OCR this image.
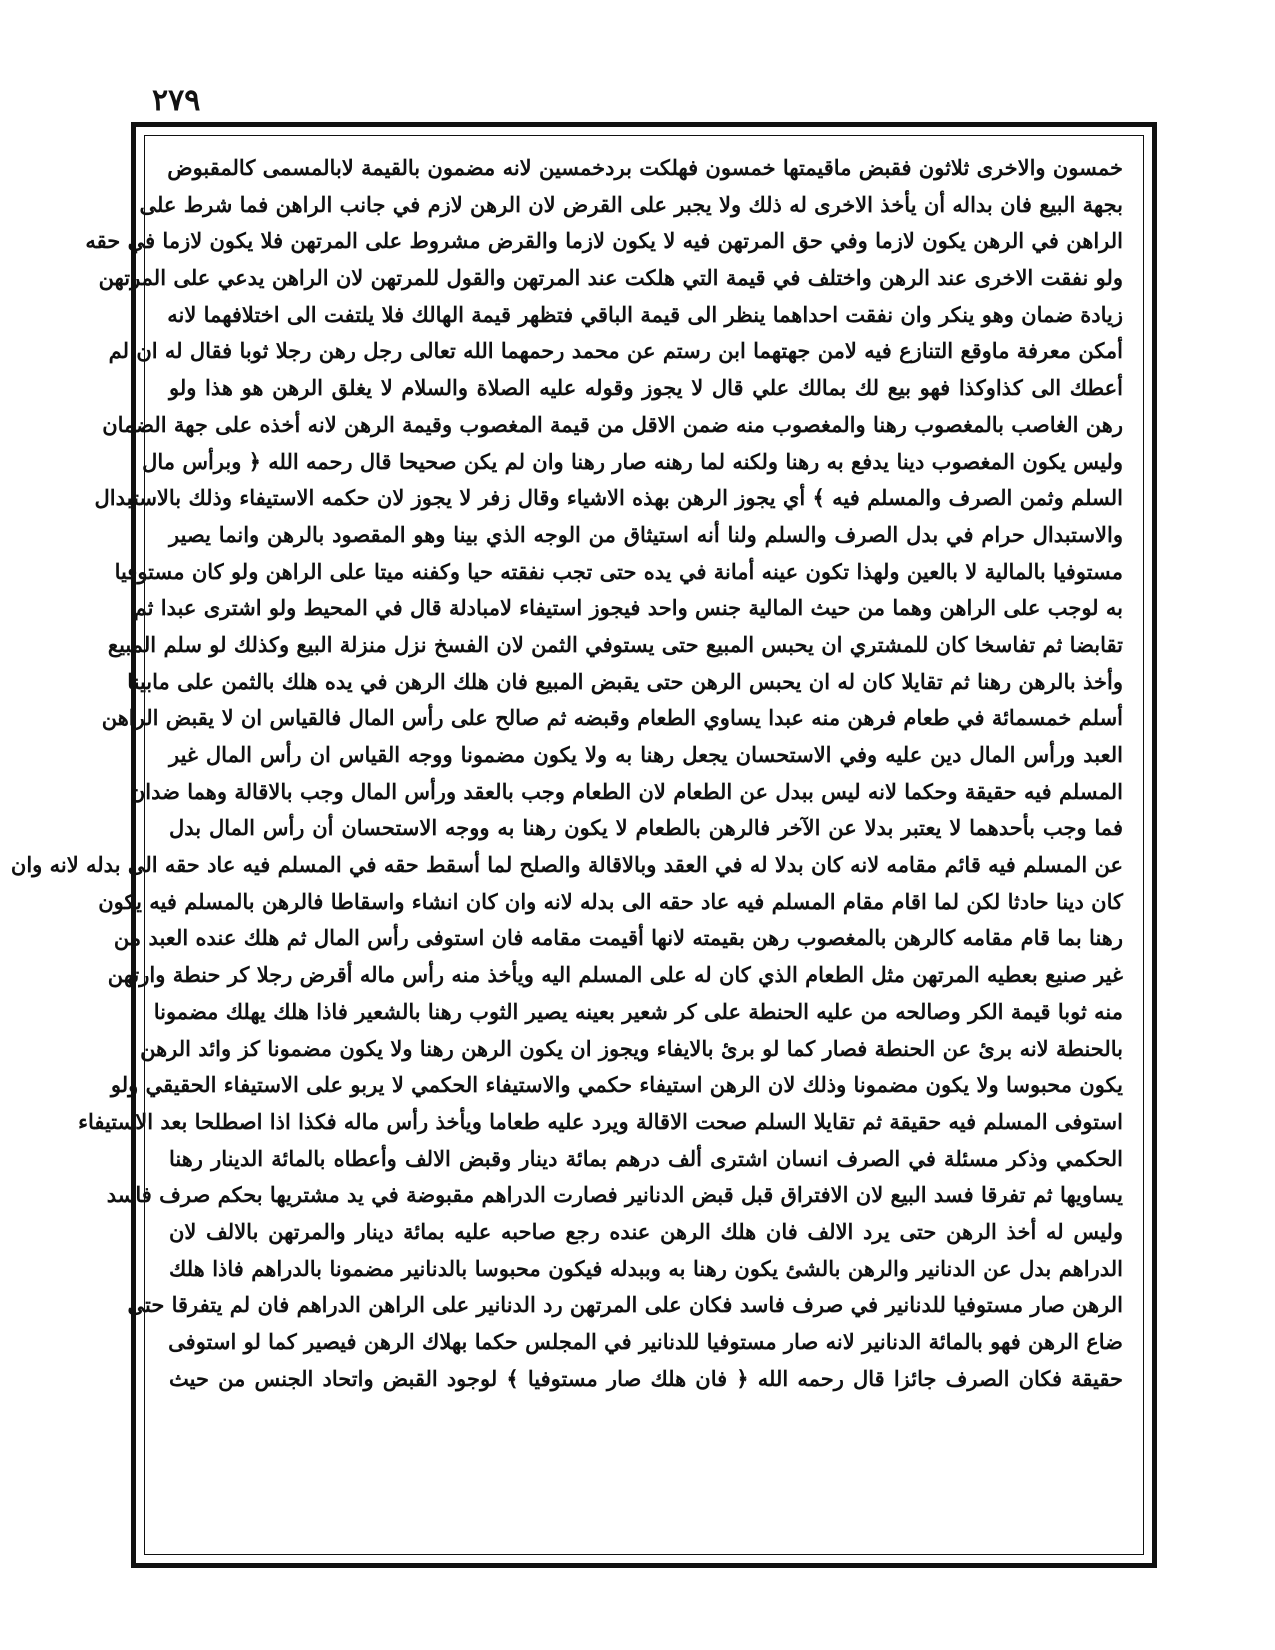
٢٧٩
خمسون والاخرى ثلاثون فقبض ماقيمتها خمسون فهلكت بردخمسين لانه مضمون بالقيمة لابالمسمى كالمقبوض
بجهة البيع فان بداله أن يأخذ الاخرى له ذلك ولا يجبر على القرض لان الرهن لازم في جانب الراهن فما شرط على
الراهن في الرهن يكون لازما وفي حق المرتهن فيه لا يكون لازما والقرض مشروط على المرتهن فلا يكون لازما في حقه
ولو نفقت الاخرى عند الرهن واختلف في قيمة التي هلكت عند المرتهن والقول للمرتهن لان الراهن يدعي على المرتهن
زيادة ضمان وهو ينكر وان نفقت احداهما ينظر الى قيمة الباقي فتظهر قيمة الهالك فلا يلتفت الى اختلافهما لانه
أمكن معرفة ماوقع التنازع فيه لامن جهتهما ابن رستم عن محمد رحمهما الله تعالى رجل رهن رجلا ثوبا فقال له ان لم
أعطك الى كذاوكذا فهو بيع لك بمالك علي قال لا يجوز وقوله عليه الصلاة والسلام لا يغلق الرهن هو هذا ولو
رهن الغاصب بالمغصوب رهنا والمغصوب منه ضمن الاقل من قيمة المغصوب وقيمة الرهن لانه أخذه على جهة الضمان
وليس يكون المغصوب دينا يدفع به رهنا ولكنه لما رهنه صار رهنا وان لم يكن صحيحا قال رحمه الله ﴿ وبرأس مال
السلم وثمن الصرف والمسلم فيه ﴾ أي يجوز الرهن بهذه الاشياء وقال زفر لا يجوز لان حكمه الاستيفاء وذلك بالاستبدال
والاستبدال حرام في بدل الصرف والسلم ولنا أنه استيثاق من الوجه الذي بينا وهو المقصود بالرهن وانما يصير
مستوفيا بالمالية لا بالعين ولهذا تكون عينه أمانة في يده حتى تجب نفقته حيا وكفنه ميتا على الراهن ولو كان مستوفيا
به لوجب على الراهن وهما من حيث المالية جنس واحد فيجوز استيفاء لامبادلة قال في المحيط ولو اشترى عبدا ثم
تقابضا ثم تفاسخا كان للمشتري ان يحبس المبيع حتى يستوفي الثمن لان الفسخ نزل منزلة البيع وكذلك لو سلم المبيع
وأخذ بالرهن رهنا ثم تقايلا كان له ان يحبس الرهن حتى يقبض المبيع فان هلك الرهن في يده هلك بالثمن على مابينا
أسلم خمسمائة في طعام فرهن منه عبدا يساوي الطعام وقبضه ثم صالح على رأس المال فالقياس ان لا يقبض الراهن
العبد ورأس المال دين عليه وفي الاستحسان يجعل رهنا به ولا يكون مضمونا ووجه القياس ان رأس المال غير
المسلم فيه حقيقة وحكما لانه ليس ببدل عن الطعام لان الطعام وجب بالعقد ورأس المال وجب بالاقالة وهما ضدان
فما وجب بأحدهما لا يعتبر بدلا عن الآخر فالرهن بالطعام لا يكون رهنا به ووجه الاستحسان أن رأس المال بدل
عن المسلم فيه قائم مقامه لانه كان بدلا له في العقد وبالاقالة والصلح لما أسقط حقه في المسلم فيه عاد حقه الى بدله لانه وان
كان دينا حادثا لكن لما اقام مقام المسلم فيه عاد حقه الى بدله لانه وان كان انشاء واسقاطا فالرهن بالمسلم فيه يكون
رهنا بما قام مقامه كالرهن بالمغصوب رهن بقيمته لانها أقيمت مقامه فان استوفى رأس المال ثم هلك عنده العبد من
غير صنيع بعطيه المرتهن مثل الطعام الذي كان له على المسلم اليه ويأخذ منه رأس ماله أقرض رجلا كر حنطة وارتهن
منه ثوبا قيمة الكر وصالحه من عليه الحنطة على كر شعير بعينه يصير الثوب رهنا بالشعير فاذا هلك يهلك مضمونا
بالحنطة لانه برئ عن الحنطة فصار كما لو برئ بالايفاء ويجوز ان يكون الرهن رهنا ولا يكون مضمونا كز وائد الرهن
يكون محبوسا ولا يكون مضمونا وذلك لان الرهن استيفاء حكمي والاستيفاء الحكمي لا يربو على الاستيفاء الحقيقي ولو
استوفى المسلم فيه حقيقة ثم تقايلا السلم صحت الاقالة ويرد عليه طعاما ويأخذ رأس ماله فكذا اذا اصطلحا بعد الاستيفاء
الحكمي وذكر مسئلة في الصرف انسان اشترى ألف درهم بمائة دينار وقبض الالف وأعطاه بالمائة الدينار رهنا
يساويها ثم تفرقا فسد البيع لان الافتراق قبل قبض الدنانير فصارت الدراهم مقبوضة في يد مشتريها بحكم صرف فاسد
وليس له أخذ الرهن حتى يرد الالف فان هلك الرهن عنده رجع صاحبه عليه بمائة دينار والمرتهن بالالف لان
الدراهم بدل عن الدنانير والرهن بالشئ يكون رهنا به وببدله فيكون محبوسا بالدنانير مضمونا بالدراهم فاذا هلك
الرهن صار مستوفيا للدنانير في صرف فاسد فكان على المرتهن رد الدنانير على الراهن الدراهم فان لم يتفرقا حتى
ضاع الرهن فهو بالمائة الدنانير لانه صار مستوفيا للدنانير في المجلس حكما بهلاك الرهن فيصير كما لو استوفى
حقيقة فكان الصرف جائزا قال رحمه الله ﴿ فان هلك صار مستوفيا ﴾ لوجود القبض واتحاد الجنس من حيث
